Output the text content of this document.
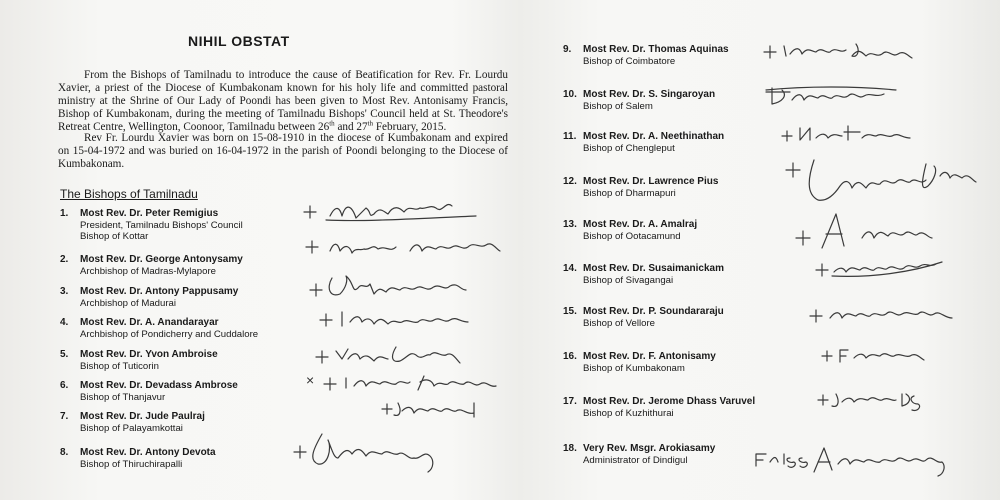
NIHIL OBSTAT

From the Bishops of Tamilnadu to introduce the cause of Beatification for Rev. Fr. Lourdu Xavier, a priest of the Diocese of Kumbakonam known for his holy life and committed pastoral ministry at the Shrine of Our Lady of Poondi has been given to Most Rev. Antonisamy Francis, Bishop of Kumbakonam, during the meeting of Tamilnadu Bishops' Council held at St. Theodore's Retreat Centre, Wellington, Coonoor, Tamilnadu between 26th and 27th February, 2015.

Rev Fr. Lourdu Xavier was born on 15-08-1910 in the diocese of Kumbakonam and expired on 15-04-1972 and was buried on 16-04-1972 in the parish of Poondi belonging to the Diocese of Kumbakonam.

The Bishops of Tamilnadu
1. Most Rev. Dr. Peter Remigius
President, Tamilnadu Bishops' Council
Bishop of Kottar
2. Most Rev. Dr. George Antonysamy
Archbishop of Madras-Mylapore
3. Most Rev. Dr. Antony Pappusamy
Archbishop of Madurai
4. Most Rev. Dr. A. Anandarayar
Archbishop of Pondicherry and Cuddalore
5. Most Rev. Dr. Yvon Ambroise
Bishop of Tuticorin
6. Most Rev. Dr. Devadass Ambrose
Bishop of Thanjavur
7. Most Rev. Dr. Jude Paulraj
Bishop of Palayamkottai
8. Most Rev. Dr. Antony Devota
Bishop of Thiruchirapalli
9. Most Rev. Dr. Thomas Aquinas
Bishop of Coimbatore
10. Most Rev. Dr. S. Singaroyan
Bishop of Salem
11. Most Rev. Dr. A. Neethinathan
Bishop of Chengleput
12. Most Rev. Dr. Lawrence Pius
Bishop of Dharmapuri
13. Most Rev. Dr. A. Amalraj
Bishop of Ootacamund
14. Most Rev. Dr. Susaimanickam
Bishop of Sivagangai
15. Most Rev. Dr. P. Soundararaju
Bishop of Vellore
16. Most Rev. Dr. F. Antonisamy
Bishop of Kumbakonam
17. Most Rev. Dr. Jerome Dhass Varuvel
Bishop of Kuzhithurai
18. Very Rev. Msgr. Arokiasamy
Administrator of Dindigul
×
